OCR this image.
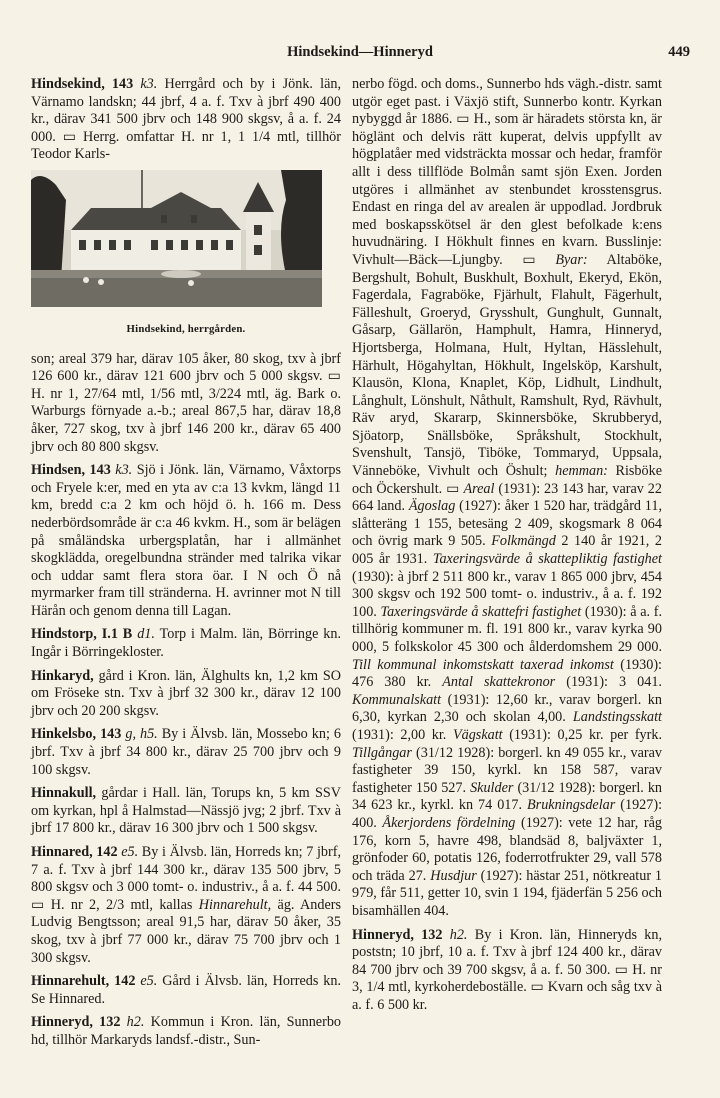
Hindsekind—Hinneryd	449

Hindsekind, 143 k3. Herrgård och by i Jönk. län, Värnamo landskn; 44 jbrf, 4 a. f. Txv à jbrf 490 400 kr., därav 341 500 jbrv och 148 900 skgsv, å a. f. 24 000. ▭ Herrg. omfattar H. nr 1, 1 1/4 mtl, tillhör Teodor Karls-

Hindsekind, herrgården.

son; areal 379 har, därav 105 åker, 80 skog, txv à jbrf 126 600 kr., därav 121 600 jbrv och 5 000 skgsv. ▭ H. nr 1, 27/64 mtl, 1/56 mtl, 3/224 mtl, äg. Bark o. Warburgs förnyade a.-b.; areal 867,5 har, därav 18,8 åker, 727 skog, txv à jbrf 146 200 kr., därav 65 400 jbrv och 80 800 skgsv.

Hindsen, 143 k3. Sjö i Jönk. län, Värnamo, Våxtorps och Fryele k:er, med en yta av c:a 13 kvkm, längd 11 km, bredd c:a 2 km och höjd ö. h. 166 m. Dess nederbördsområde är c:a 46 kvkm. H., som är belägen på småländska urbergsplatån, har i allmänhet skogklädda, oregelbundna stränder med talrika vikar och uddar samt flera stora öar. I N och Ö nå myrmarker fram till stränderna. H. avrinner mot N till Härån och genom denna till Lagan.

Hindstorp, I.1 B d1. Torp i Malm. län, Börringe kn. Ingår i Börringekloster.

Hinkaryd, gård i Kron. län, Älghults kn, 1,2 km SO om Fröseke stn. Txv à jbrf 32 300 kr., därav 12 100 jbrv och 20 200 skgsv.

Hinkelsbo, 143 g, h5. By i Älvsb. län, Mossebo kn; 6 jbrf. Txv à jbrf 34 800 kr., därav 25 700 jbrv och 9 100 skgsv.

Hinnakull, gårdar i Hall. län, Torups kn, 5 km SSV om kyrkan, hpl å Halmstad—Nässjö jvg; 2 jbrf. Txv à jbrf 17 800 kr., därav 16 300 jbrv och 1 500 skgsv.

Hinnared, 142 e5. By i Älvsb. län, Horreds kn; 7 jbrf, 7 a. f. Txv à jbrf 144 300 kr., därav 135 500 jbrv, 5 800 skgsv och 3 000 tomt- o. industriv., å a. f. 44 500. ▭ H. nr 2, 2/3 mtl, kallas Hinnarehult, äg. Anders Ludvig Bengtsson; areal 91,5 har, därav 50 åker, 35 skog, txv à jbrf 77 000 kr., därav 75 700 jbrv och 1 300 skgsv.

Hinnarehult, 142 e5. Gård i Älvsb. län, Horreds kn. Se Hinnared.

Hinneryd, 132 h2. Kommun i Kron. län, Sunnerbo hd, tillhör Markaryds landsf.-distr., Sun-

nerbo fögd. och doms., Sunnerbo hds vägh.-distr. samt utgör eget past. i Växjö stift, Sunnerbo kontr. Kyrkan nybyggd år 1886. ▭ H., som är häradets största kn, är höglänt och delvis rätt kuperat, delvis uppfyllt av högplatåer med vidsträckta mossar och hedar, framför allt i dess tillflöde Bolmån samt sjön Exen. Jorden utgöres i allmänhet av stenbundet krosstensgrus. Endast en ringa del av arealen är uppodlad. Jordbruk med boskapsskötsel är den glest befolkade k:ens huvudnäring. I Hökhult finnes en kvarn. Busslinje: Vivhult—Bäck—Ljungby. ▭ Byar: Altaböke, Bergshult, Bohult, Buskhult, Boxhult, Ekeryd, Ekön, Fagerdala, Fagraböke, Fjärhult, Flahult, Fägerhult, Fälleshult, Groeryd, Grysshult, Gunghult, Gunnalt, Gåsarp, Gällarön, Hamphult, Hamra, Hinneryd, Hjortsberga, Holmana, Hult, Hyltan, Hässlehult, Härhult, Högahyltan, Hökhult, Ingelsköp, Karshult, Klausön, Klona, Knaplet, Köp, Lidhult, Lindhult, Långhult, Lönshult, Nåthult, Ramshult, Ryd, Rävhult, Räv aryd, Skararp, Skinnersböke, Skrubberyd, Sjöatorp, Snällsböke, Språkshult, Stockhult, Svenshult, Tansjö, Tiböke, Tommaryd, Uppsala, Vänneböke, Vivhult och Öshult; hemman: Risböke och Öckershult. ▭ Areal (1931): 23 143 har, varav 22 664 land. Ägoslag (1927): åker 1 520 har, trädgård 11, slåtteräng 1 155, betesäng 2 409, skogsmark 8 064 och övrig mark 9 505. Folkmängd 2 140 år 1921, 2 005 år 1931. Taxeringsvärde å skattepliktig fastighet (1930): à jbrf 2 511 800 kr., varav 1 865 000 jbrv, 454 300 skgsv och 192 500 tomt- o. industriv., å a. f. 192 100. Taxeringsvärde å skattefri fastighet (1930): å a. f. tillhörig kommuner m. fl. 191 800 kr., varav kyrka 90 000, 5 folkskolor 45 300 och ålderdomshem 29 000. Till kommunal inkomstskatt taxerad inkomst (1930): 476 380 kr. Antal skattekronor (1931): 3 041. Kommunalskatt (1931): 12,60 kr., varav borgerl. kn 6,30, kyrkan 2,30 och skolan 4,00. Landstingsskatt (1931): 2,00 kr. Vägskatt (1931): 0,25 kr. per fyrk. Tillgångar (31/12 1928): borgerl. kn 49 055 kr., varav fastigheter 39 150, kyrkl. kn 158 587, varav fastigheter 150 527. Skulder (31/12 1928): borgerl. kn 34 623 kr., kyrkl. kn 74 017. Brukningsdelar (1927): 400. Åkerjordens fördelning (1927): vete 12 har, råg 176, korn 5, havre 498, blandsäd 8, baljväxter 1, grönfoder 60, potatis 126, foderrotfrukter 29, vall 578 och träda 27. Husdjur (1927): hästar 251, nötkreatur 1 979, får 511, getter 10, svin 1 194, fjäderfän 5 256 och bisamhällen 404.

Hinneryd, 132 h2. By i Kron. län, Hinneryds kn, poststn; 10 jbrf, 10 a. f. Txv à jbrf 124 400 kr., därav 84 700 jbrv och 39 700 skgsv, å a. f. 50 300. ▭ H. nr 3, 1/4 mtl, kyrkoherdeboställe. ▭ Kvarn och såg txv à a. f. 6 500 kr.
